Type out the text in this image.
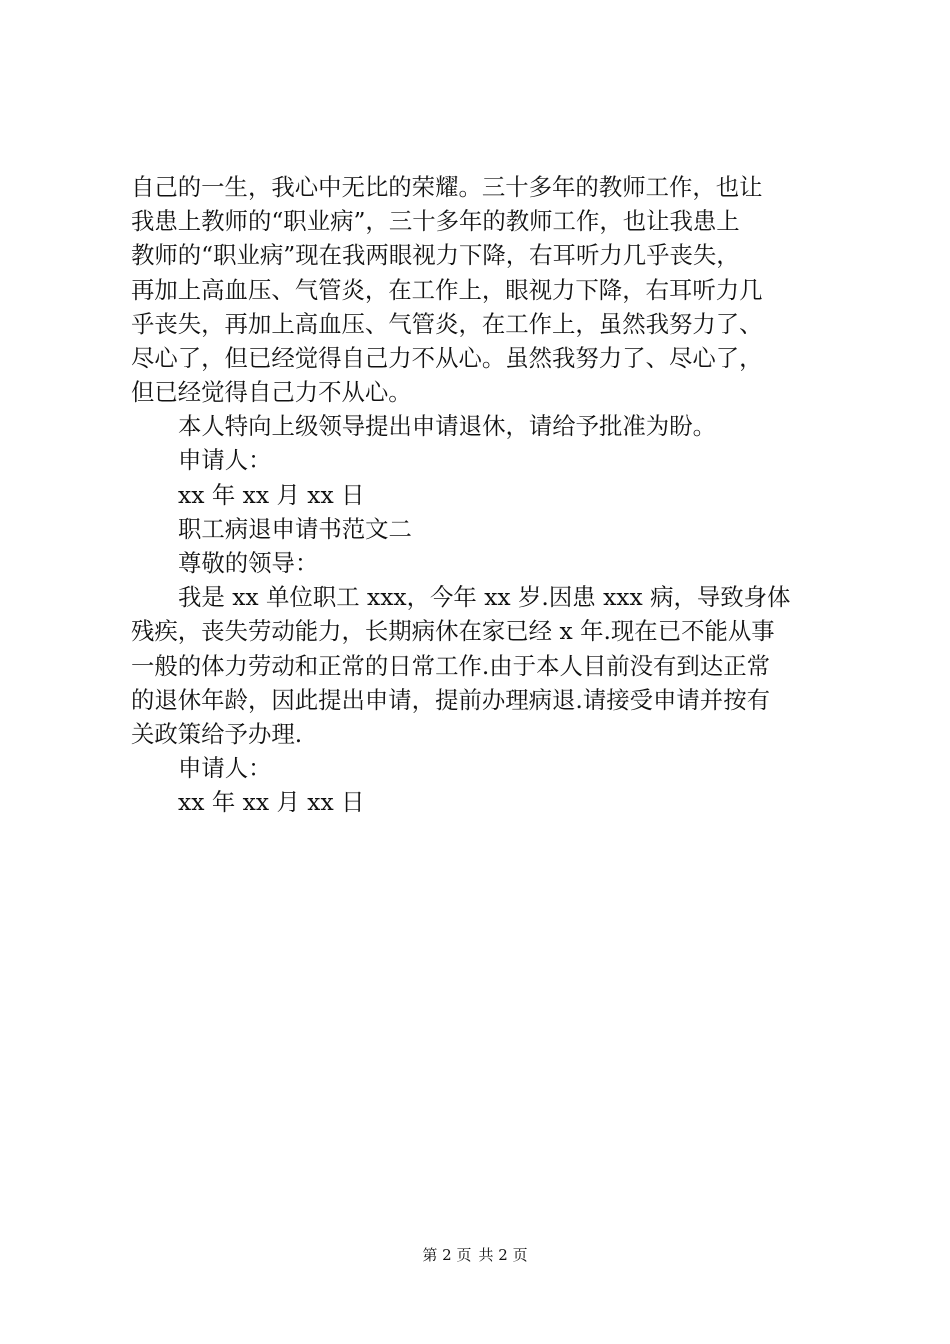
自己的一生，我心中无比的荣耀。三十多年的教师工作，也让
我患上教师的“职业病”，三十多年的教师工作，也让我患上
教师的“职业病”现在我两眼视力下降，右耳听力几乎丧失，
再加上高血压、气管炎，在工作上，眼视力下降，右耳听力几
乎丧失，再加上高血压、气管炎，在工作上，虽然我努力了、
尽心了，但已经觉得自己力不从心。虽然我努力了、尽心了，
但已经觉得自己力不从心。
本人特向上级领导提出申请退休，请给予批准为盼。
申请人：
xx 年 xx 月 xx 日
职工病退申请书范文二
尊敬的领导：
我是 xx 单位职工 xxx，今年 xx 岁.因患 xxx 病，导致身体
残疾，丧失劳动能力，长期病休在家已经 x 年.现在已不能从事
一般的体力劳动和正常的日常工作.由于本人目前没有到达正常
的退休年龄，因此提出申请，提前办理病退.请接受申请并按有
关政策给予办理.
申请人：
xx 年 xx 月 xx 日
第 2 页 共 2 页
